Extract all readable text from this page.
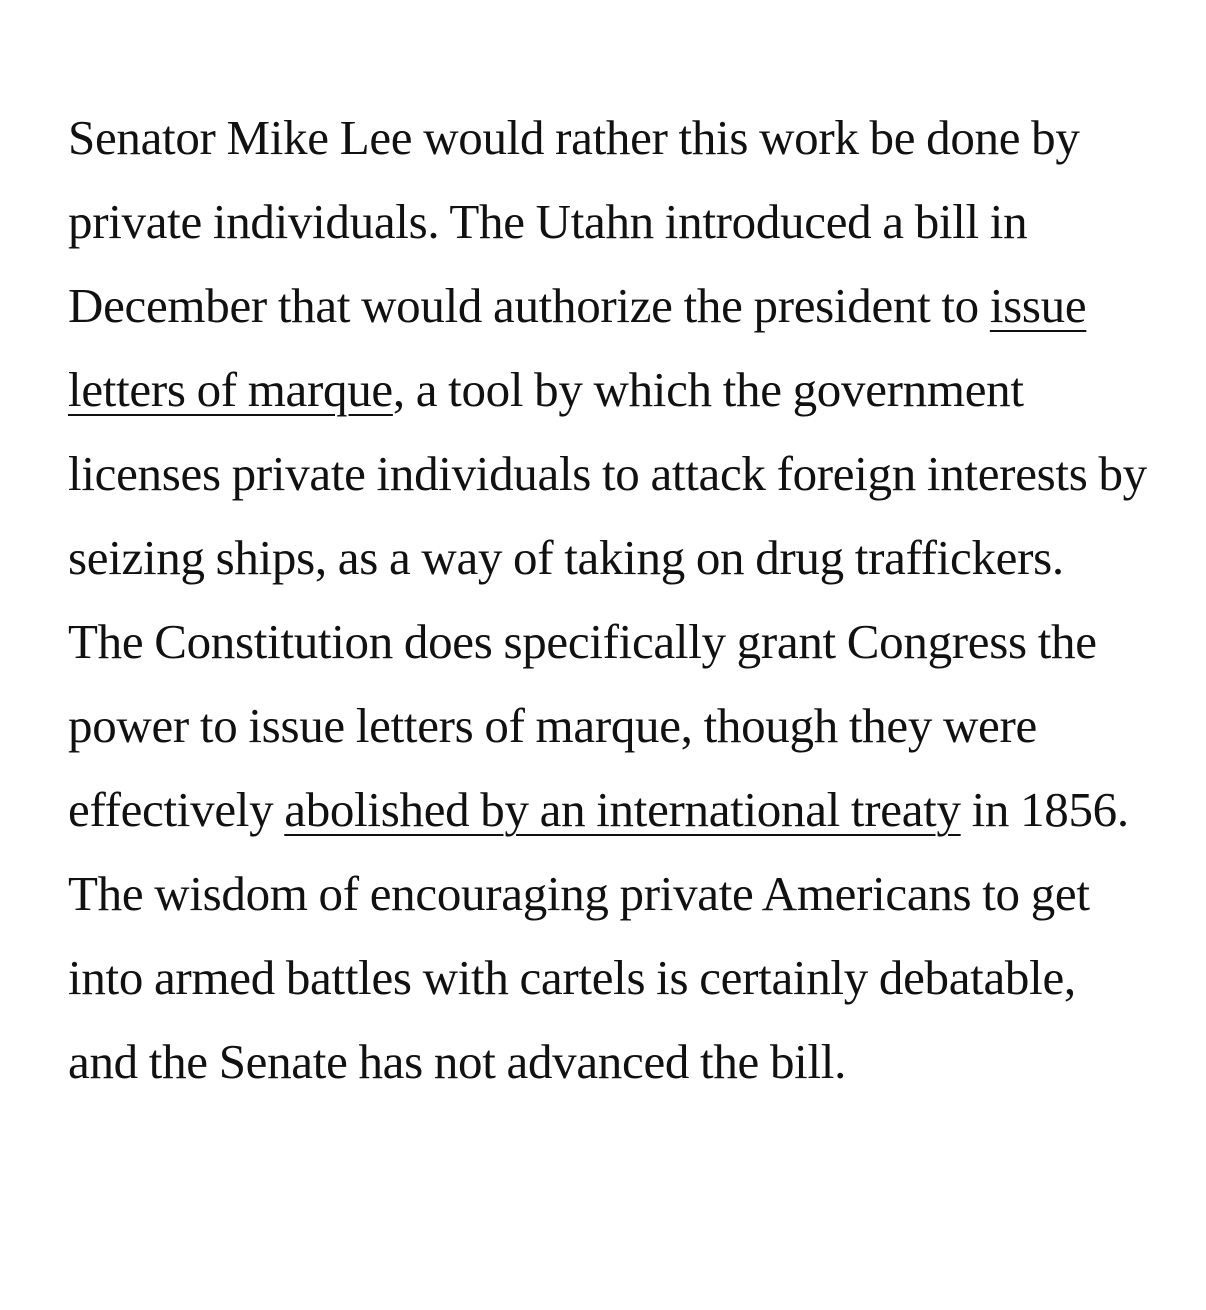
Senator Mike Lee would rather this work be done by private individuals. The Utahn introduced a bill in December that would authorize the president to issue letters of marque, a tool by which the government licenses private individuals to attack foreign interests by seizing ships, as a way of taking on drug traffickers. The Constitution does specifically grant Congress the power to issue letters of marque, though they were effectively abolished by an international treaty in 1856. The wisdom of encouraging private Americans to get into armed battles with cartels is certainly debatable, and the Senate has not advanced the bill.
